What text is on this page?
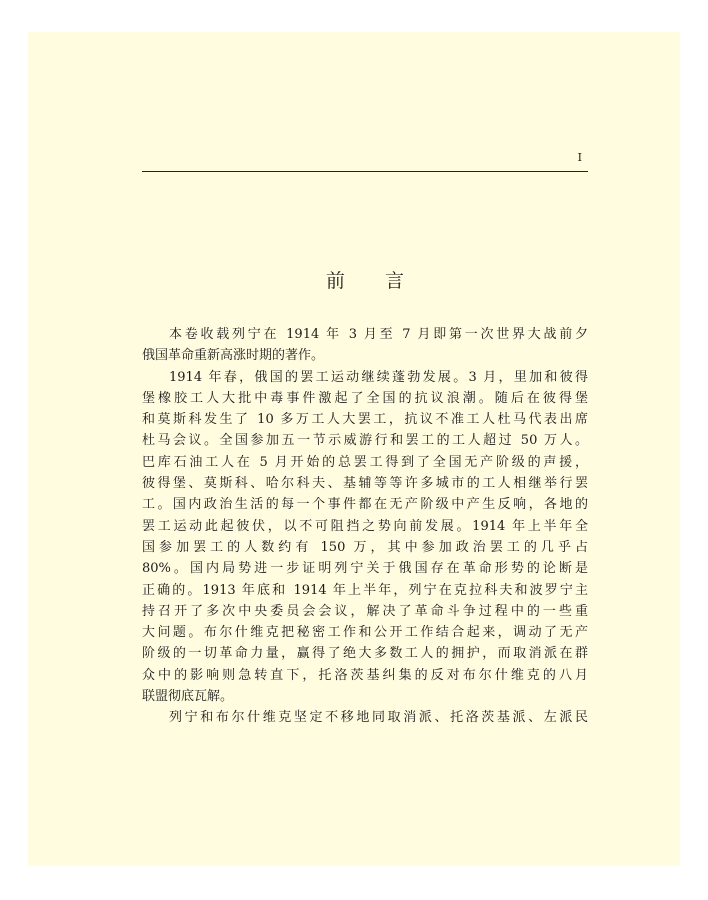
I
前言
本卷收载列宁在 1914 年 3 月至 7 月即第一次世界大战前夕
俄国革命重新高涨时期的著作。
1914 年春，俄国的罢工运动继续蓬勃发展。3 月，里加和彼得
堡橡胶工人大批中毒事件激起了全国的抗议浪潮。随后在彼得堡
和莫斯科发生了 10 多万工人大罢工，抗议不准工人杜马代表出席
杜马会议。全国参加五一节示威游行和罢工的工人超过 50 万人。
巴库石油工人在 5 月开始的总罢工得到了全国无产阶级的声援，
彼得堡、莫斯科、哈尔科夫、基辅等等许多城市的工人相继举行罢
工。国内政治生活的每一个事件都在无产阶级中产生反响，各地的
罢工运动此起彼伏，以不可阻挡之势向前发展。1914 年上半年全
国参加罢工的人数约有 150 万，其中参加政治罢工的几乎占
80%。国内局势进一步证明列宁关于俄国存在革命形势的论断是
正确的。1913 年底和 1914 年上半年，列宁在克拉科夫和波罗宁主
持召开了多次中央委员会会议，解决了革命斗争过程中的一些重
大问题。布尔什维克把秘密工作和公开工作结合起来，调动了无产
阶级的一切革命力量，赢得了绝大多数工人的拥护，而取消派在群
众中的影响则急转直下，托洛茨基纠集的反对布尔什维克的八月
联盟彻底瓦解。
列宁和布尔什维克坚定不移地同取消派、托洛茨基派、左派民
